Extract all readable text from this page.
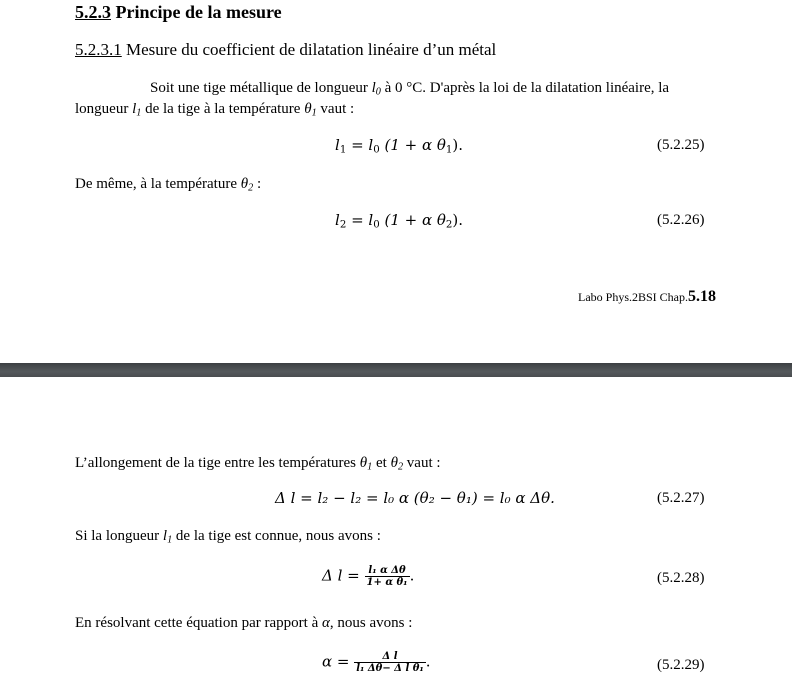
5.2.3 Principe de la mesure
5.2.3.1 Mesure du coefficient de dilatation linéaire d’un métal
Soit une tige métallique de longueur $l_0$ à 0 °C. D'après la loi de la dilatation linéaire, la
longueur $l_1$ de la tige à la température $\theta_1$ vaut :
$l_1 = l_0$ (1 + α $\theta_1$).	(5.2.25)
De même, à la température $\theta_2$ :
$l_2 = l_0$ (1 + α $\theta_2$).	(5.2.26)
Labo Phys.2BSI Chap.5.18
L’allongement de la tige entre les températures $\theta_1$ et $\theta_2$ vaut :
Δ l = l₂ − l₂ = l₀ α (θ₂ − θ₁) = l₀ α Δθ.	(5.2.27)
Si la longueur $l_1$ de la tige est connue, nous avons :
Δ $l = \frac{\text{l₁ α Δθ}}{\text{1+ α θ₁}}$ .	(5.2.28)
En résolvant cette équation par rapport à α, nous avons :
$\alpha = \frac{\text{Δ l}}{\text{l₁ Δθ− Δ l θ₁}}$ .	(5.2.29)
